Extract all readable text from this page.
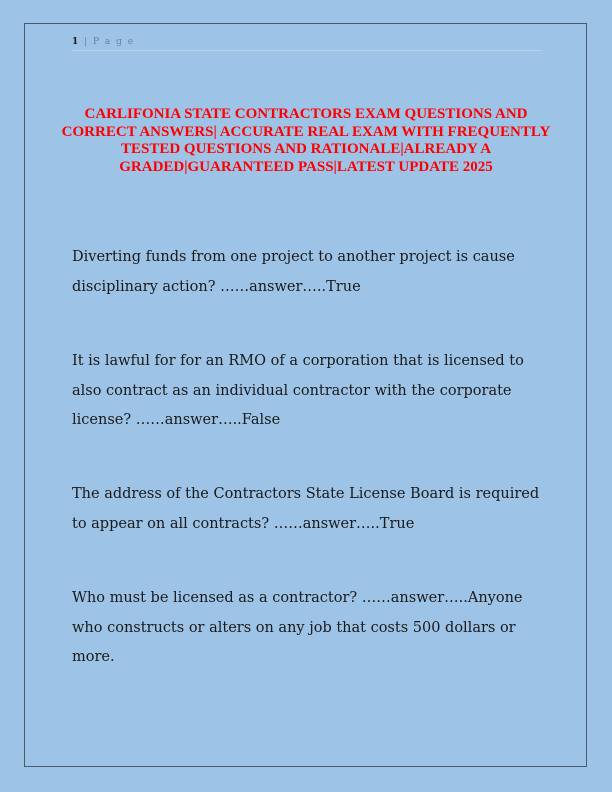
1 | P a g e
CARLIFONIA STATE CONTRACTORS EXAM QUESTIONS AND CORRECT ANSWERS| ACCURATE REAL EXAM WITH FREQUENTLY TESTED QUESTIONS AND RATIONALE|ALREADY A GRADED|GUARANTEED PASS|LATEST UPDATE 2025

Diverting funds from one project to another project is cause disciplinary action? ……answer…..True

It is lawful for for an RMO of a corporation that is licensed to also contract as an individual contractor with the corporate license? ……answer…..False

The address of the Contractors State License Board is required to appear on all contracts? ……answer…..True

Who must be licensed as a contractor? ……answer…..Anyone who constructs or alters on any job that costs 500 dollars or more.
